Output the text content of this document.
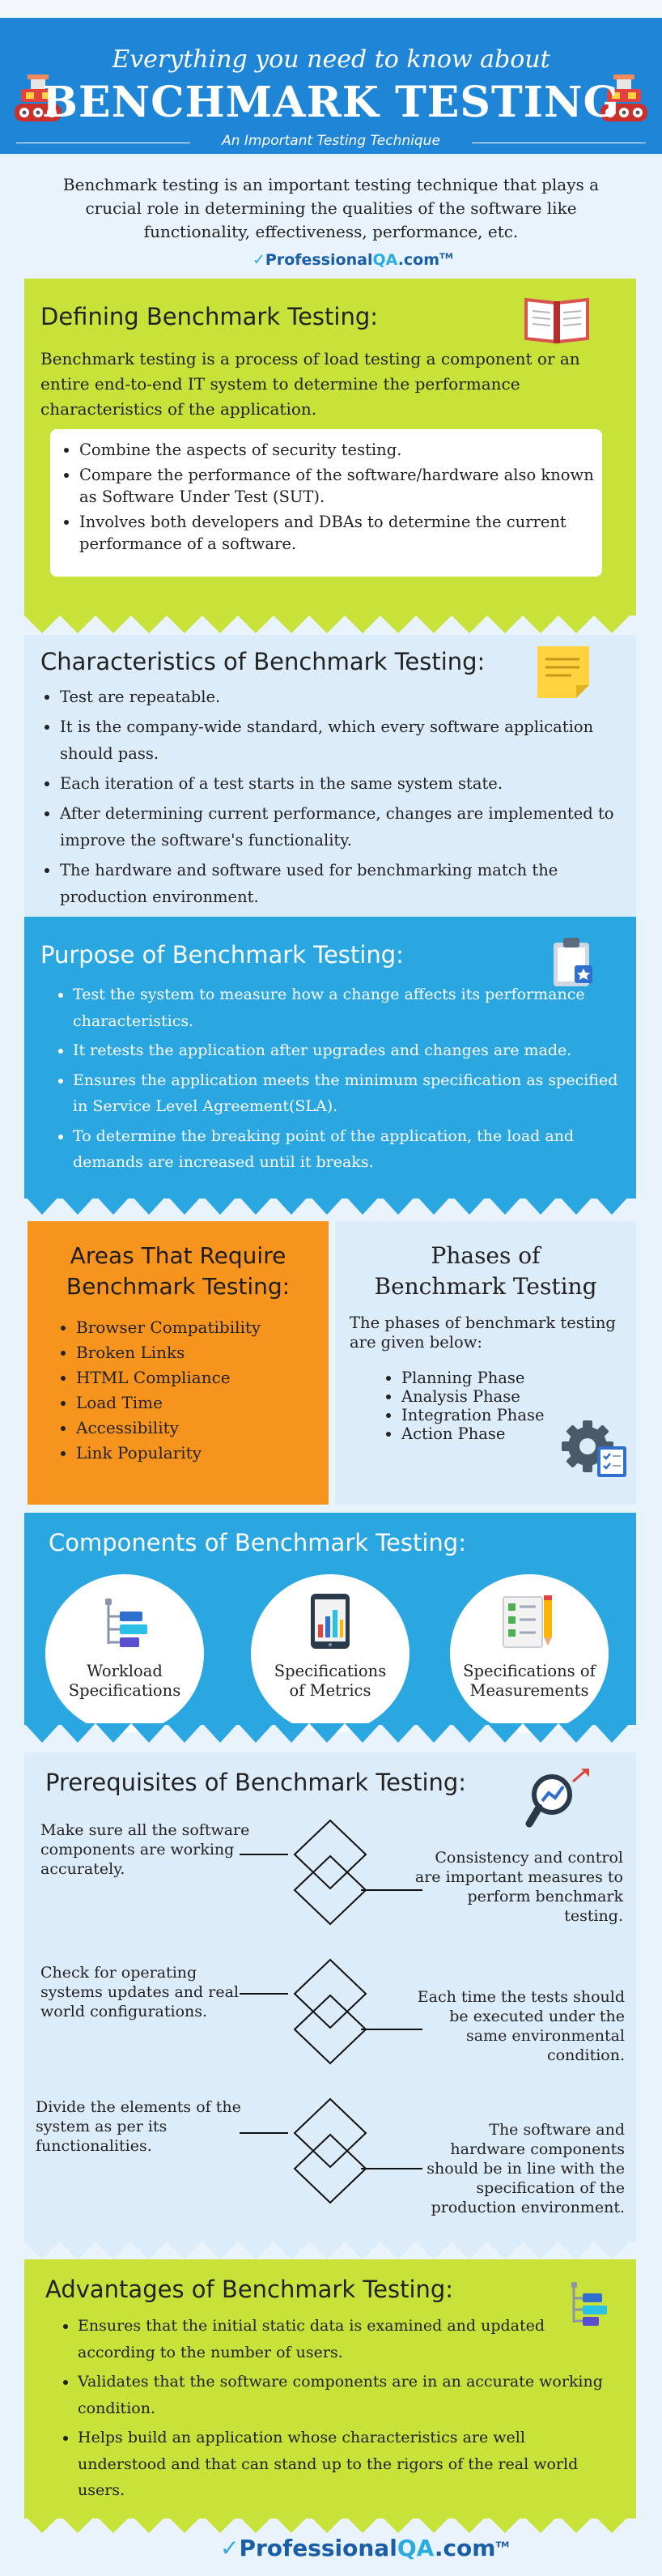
Everything you need to know about
BENCHMARK TESTING
An Important Testing Technique
Benchmark testing is an important testing technique that plays a crucial role in determining the qualities of the software like functionality, effectiveness, performance, etc.
✓ProfessionalQA.com™
Defining Benchmark Testing:
Benchmark testing is a process of load testing a component or an entire end-to-end IT system to determine the performance characteristics of the application.
• Combine the aspects of security testing.
• Compare the performance of the software/hardware also known as Software Under Test (SUT).
• Involves both developers and DBAs to determine the current performance of a software.
Characteristics of Benchmark Testing:
• Test are repeatable.
• It is the company-wide standard, which every software application should pass.
• Each iteration of a test starts in the same system state.
• After determining current performance, changes are implemented to improve the software's functionality.
• The hardware and software used for benchmarking match the production environment.
Purpose of Benchmark Testing:
• Test the system to measure how a change affects its performance characteristics.
• It retests the application after upgrades and changes are made.
• Ensures the application meets the minimum specification as specified in Service Level Agreement(SLA).
• To determine the breaking point of the application, the load and demands are increased until it breaks.
Areas That Require
Benchmark Testing:
• Browser Compatibility
• Broken Links
• HTML Compliance
• Load Time
• Accessibility
• Link Popularity
Phases of
Benchmark Testing
The phases of benchmark testing are given below:
• Planning Phase
• Analysis Phase
• Integration Phase
• Action Phase
Components of Benchmark Testing:
Workload
Specifications
Specifications
of Metrics
Specifications of
Measurements
Prerequisites of Benchmark Testing:
Make sure all the software components are working accurately.
Consistency and control are important measures to perform benchmark testing.
Check for operating systems updates and real world configurations.
Each time the tests should be executed under the same environmental condition.
Divide the elements of the system as per its functionalities.
The software and hardware components should be in line with the specification of the production environment.
Advantages of Benchmark Testing:
• Ensures that the initial static data is examined and updated according to the number of users.
• Validates that the software components are in an accurate working condition.
• Helps build an application whose characteristics are well understood and that can stand up to the rigors of the real world users.
✓ProfessionalQA.com™
